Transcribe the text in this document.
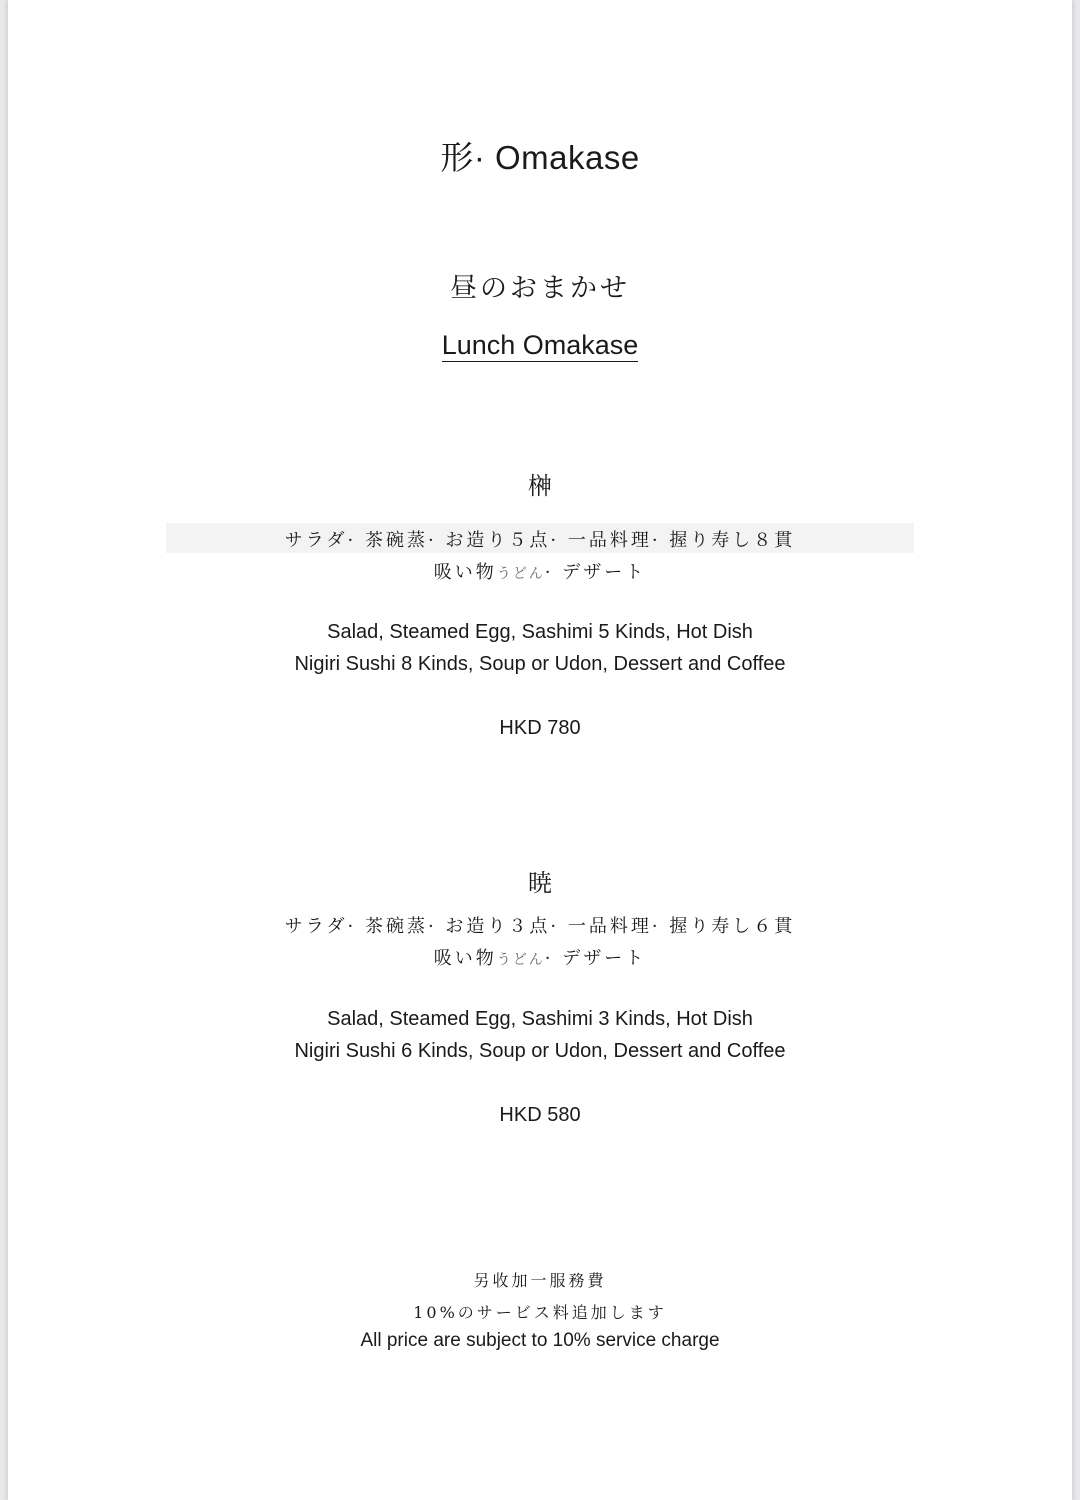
形· Omakase
昼のおまかせ
Lunch Omakase
榊
サラダ· 茶碗蒸· お造り５点· 一品料理· 握り寿し８貫
吸い物うどん· デザート
Salad, Steamed Egg, Sashimi 5 Kinds, Hot Dish
Nigiri Sushi 8 Kinds, Soup or Udon, Dessert and Coffee
HKD 780
暁
サラダ· 茶碗蒸· お造り３点· 一品料理· 握り寿し６貫
吸い物うどん· デザート
Salad, Steamed Egg, Sashimi 3 Kinds, Hot Dish
Nigiri Sushi 6 Kinds, Soup or Udon, Dessert and Coffee
HKD 580
另收加一服務費
10%のサービス料追加します
All price are subject to 10% service charge
